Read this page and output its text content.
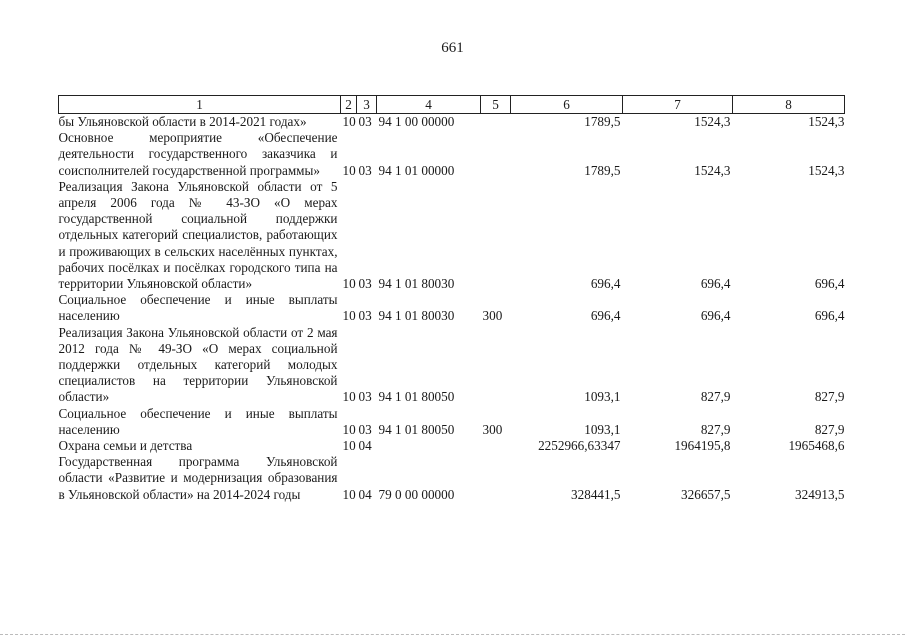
661
1	2	3	4	5	6	7	8
бы Ульяновской области в 2014-2021 годах»	10	03	94 1 00 00000		1789,5	1524,3	1524,3
Основное мероприятие «Обеспечение деятельности государственного заказчика и соисполнителей государственной программы»	10	03	94 1 01 00000		1789,5	1524,3	1524,3
Реализация Закона Ульяновской области от 5 апреля 2006 года № 43-ЗО «О мерах государственной социальной поддержки отдельных категорий специалистов, работающих и проживающих в сельских населённых пунктах, рабочих посёлках и посёлках городского типа на территории Ульяновской области»	10	03	94 1 01 80030		696,4	696,4	696,4
Социальное обеспечение и иные выплаты населению	10	03	94 1 01 80030	300	696,4	696,4	696,4
Реализация Закона Ульяновской области от 2 мая 2012 года № 49-ЗО «О мерах социальной поддержки отдельных категорий молодых специалистов на территории Ульяновской области»	10	03	94 1 01 80050		1093,1	827,9	827,9
Социальное обеспечение и иные выплаты населению	10	03	94 1 01 80050	300	1093,1	827,9	827,9
Охрана семьи и детства	10	04			2252966,63347	1964195,8	1965468,6
Государственная программа Ульяновской области «Развитие и модернизация образования в Ульяновской области» на 2014-2024 годы	10	04	79 0 00 00000		328441,5	326657,5	324913,5
